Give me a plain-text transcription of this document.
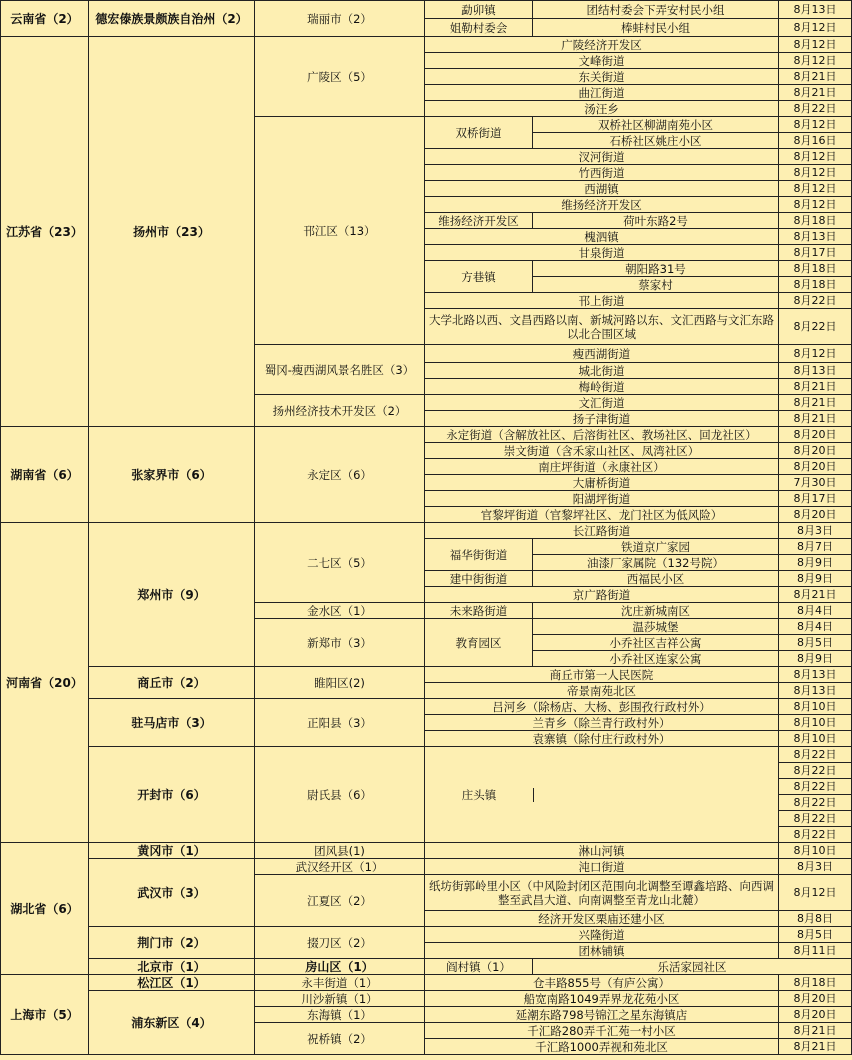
云南省（2）	德宏傣族景颇族自治州（2）	瑞丽市（2）	勐卯镇	团结村委会下弄安村民小组	8月13日	
			姐勒村委会	棒蚌村民小组	8月12日	
江苏省（23）	扬州市（23）	广陵区（5）	广陵经济开发区		8月12日	
			文峰街道		8月12日	
			东关街道		8月21日	
			曲江街道		8月21日	
			汤汪乡		8月22日	
		邗江区（13）	双桥街道	双桥社区柳湖南苑小区	8月12日	
				石桥社区姚庄小区	8月16日	
			汊河街道		8月12日	
			竹西街道		8月12日	
			西湖镇		8月12日	
			维扬经济开发区		8月12日	
			维扬经济开发区	荷叶东路2号	8月18日	
			槐泗镇		8月13日	
			甘泉街道		8月17日	
			方巷镇	朝阳路31号	8月18日	
				蔡家村	8月18日	
			邗上街道		8月22日	
			大学北路以西、文昌西路以南、新城河路以东、文汇西路与文汇东路以北合围区域		8月22日	
		蜀冈-瘦西湖风景名胜区（3）	瘦西湖街道		8月12日	
			城北街道		8月13日	
			梅岭街道		8月21日	
		扬州经济技术开发区（2）	文汇街道		8月21日	
			扬子津街道		8月21日	
湖南省（6）	张家界市（6）	永定区（6）	永定街道（含解放社区、后溶街社区、教场社区、回龙社区）		8月20日	
			崇文街道（含禾家山社区、凤湾社区）		8月20日	
			南庄坪街道（永康社区）		8月20日	
			大庸桥街道		7月30日	
			阳湖坪街道		8月17日	
			官黎坪街道（官黎坪社区、龙门社区为低风险）		8月20日	
河南省（20）	郑州市（9）	二七区（5）	长江路街道		8月3日	
			福华街街道	铁道京广家园	8月7日	
				油漆厂家属院（132号院）	8月9日	
			建中街街道	西福民小区	8月9日	
			京广路街道		8月21日	
		金水区（1）	未来路街道	沈庄新城南区	8月4日	
		新郑市（3）	教育园区	温莎城堡	8月4日	
				小乔社区吉祥公寓	8月5日	
				小乔社区连家公寓	8月9日	
	商丘市（2）	睢阳区(2)	商丘市第一人民医院		8月13日	
			帝景南苑北区		8月13日	
	驻马店市（3）	正阳县（3）	吕河乡（除杨店、大杨、彭围孜行政村外）		8月10日	
			兰青乡（除兰青行政村外）		8月10日	
			袁寨镇（除付庄行政村外）		8月10日	
	开封市（6）	尉氏县（6）	庄头镇		8月22日	
					8月22日	
					8月22日	
					8月22日	
					8月22日	
					8月22日	
湖北省（6）	黄冈市（1）	团风县(1)	淋山河镇		8月10日	
	武汉市（3）	武汉经开区（1）	沌口街道		8月3日	
		江夏区（2）	纸坊街郭岭里小区（中风险封闭区范围向北调整至谭鑫培路、向西调整至武昌大道、向南调整至青龙山北麓）		8月12日	
			经济开发区栗庙还建小区		8月8日	
	荆门市（2）	掇刀区（2）	兴隆街道		8月5日	
			团林铺镇		8月11日	
	北京市（1）	房山区（1）	阎村镇（1）	乐活家园社区	
上海市（5）	松江区（1）	永丰街道（1）	仓丰路855号（有庐公寓）		8月18日	
	浦东新区（4）	川沙新镇（1）	船宽南路1049弄界龙花苑小区		8月20日	
		东海镇（1）	延潮东路798号锦江之星东海镇店		8月20日	
		祝桥镇（2）	千汇路280弄千汇苑一村小区		8月21日	
			千汇路1000弄视和苑北区		8月21日	
